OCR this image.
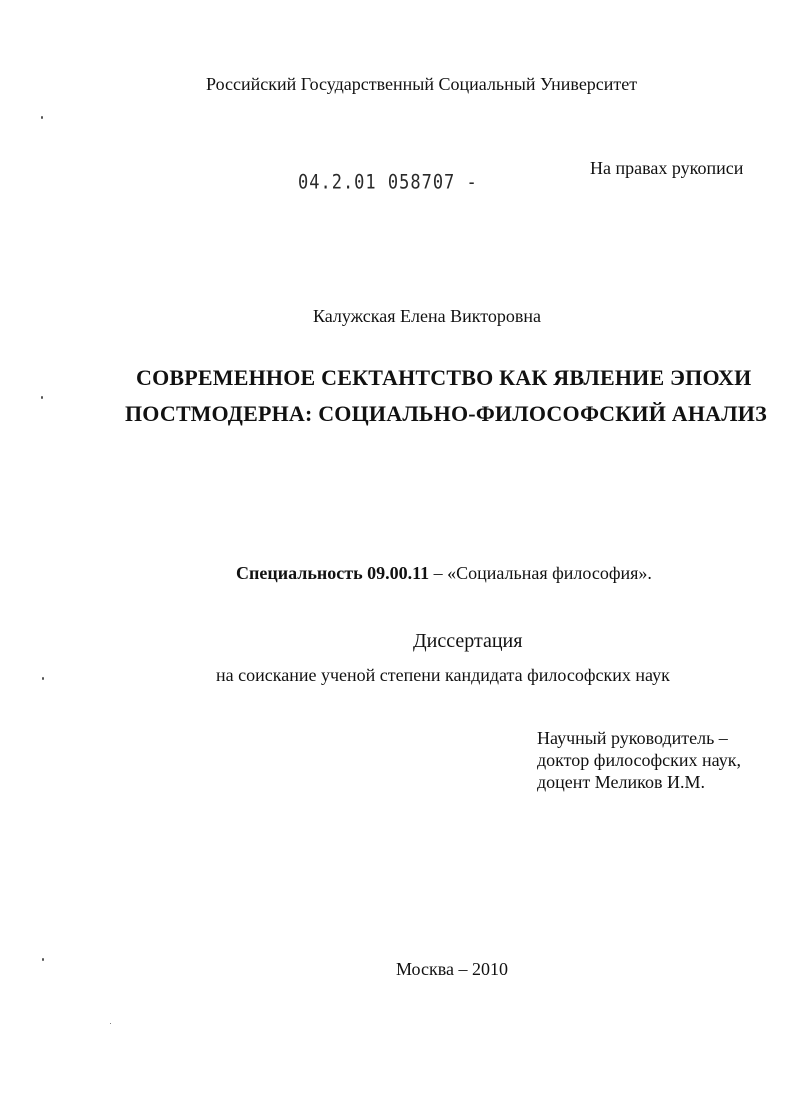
Российский Государственный Социальный Университет
04.2.01 058707 -
На правах рукописи
Калужская Елена Викторовна
СОВРЕМЕННОЕ СЕКТАНТСТВО КАК ЯВЛЕНИЕ ЭПОХИ
ПОСТМОДЕРНА: СОЦИАЛЬНО-ФИЛОСОФСКИЙ АНАЛИЗ
Специальность 09.00.11 – «Социальная философия».
Диссертация
на соискание ученой степени кандидата философских наук
Научный руководитель –
доктор философских наук,
доцент Меликов И.М.
Москва – 2010
